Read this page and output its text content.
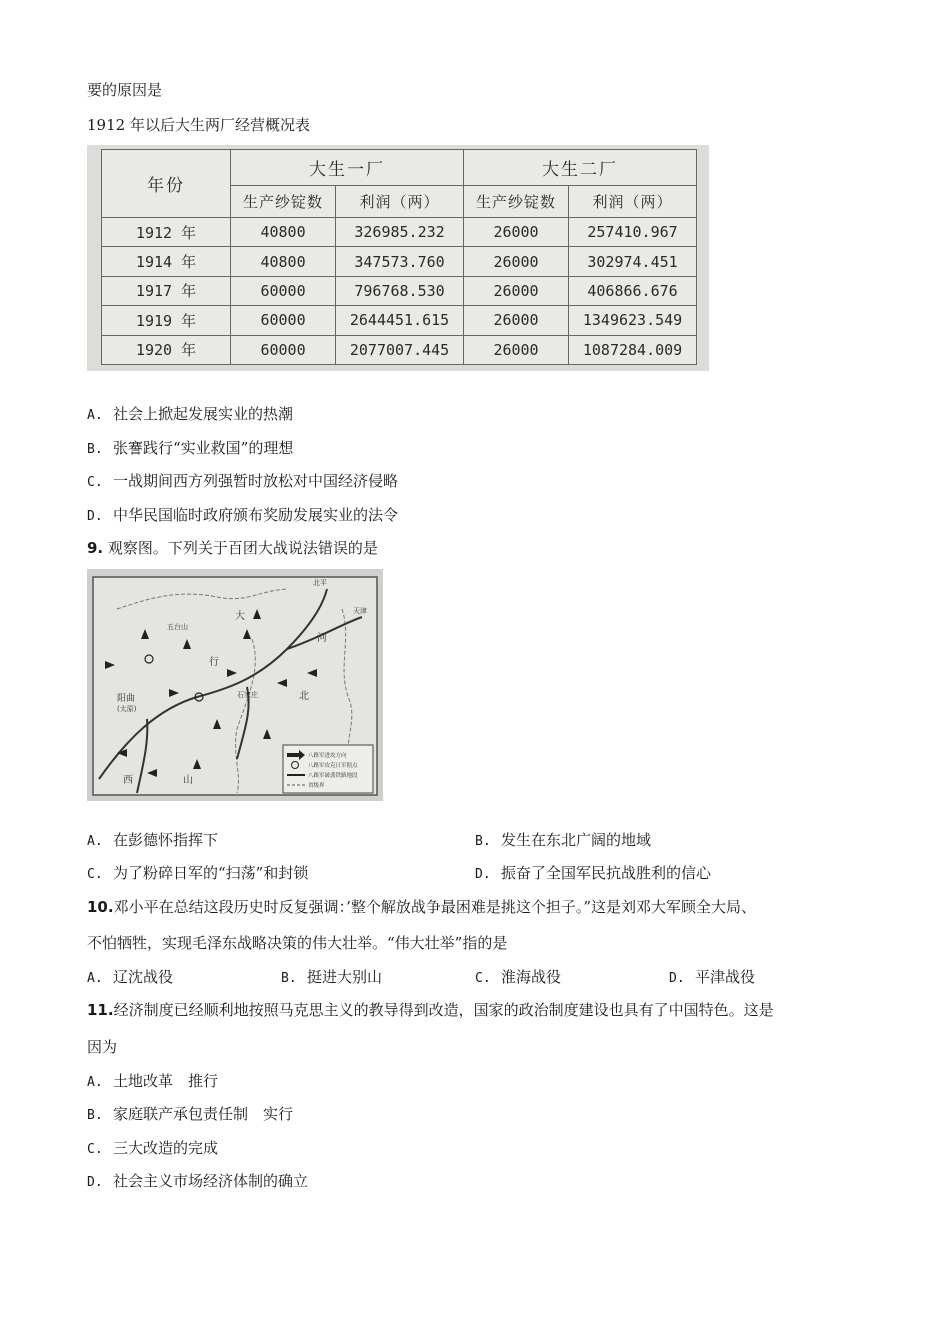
要的原因是
1912 年以后大生两厂经营概况表
年份	大生一厂		大生二厂	
	生产纱锭数	利润（两）	生产纱锭数	利润（两）
1912 年	40800	326985.232	26000	257410.967
1914 年	40800	347573.760	26000	302974.451
1917 年	60000	796768.530	26000	406866.676
1919 年	60000	2644451.615	26000	1349623.549
1920 年	60000	2077007.445	26000	1087284.009
A. 社会上掀起发展实业的热潮
B. 张謇践行“实业救国”的理想
C. 一战期间西方列强暂时放松对中国经济侵略
D. 中华民国临时政府颁布奖励发展实业的法令
9. 观察图。下列关于百团大战说法错误的是
北平
天津
五台山
大
阳曲
(太原)
石家庄
西	山
北
河
行
八路军进攻方向
八路军攻克日军据点
八路军破袭铁路地段
省级界
A. 在彭德怀指挥下	B. 发生在东北广阔的地域
C. 为了粉碎日军的“扫荡”和封锁	D. 振奋了全国军民抗战胜利的信心
10.邓小平在总结这段历史时反复强调：’整个解放战争最困难是挑这个担子。”这是刘邓大军顾全大局、
不怕牺牲，实现毛泽东战略决策的伟大壮举。“伟大壮举”指的是
A. 辽沈战役	B. 挺进大别山	C. 淮海战役	D. 平津战役
11.经济制度已经顺利地按照马克思主义的教导得到改造，国家的政治制度建设也具有了中国特色。这是
因为
A. 土地改革　推行
B. 家庭联产承包责任制　实行
C. 三大改造的完成
D. 社会主义市场经济体制的确立
